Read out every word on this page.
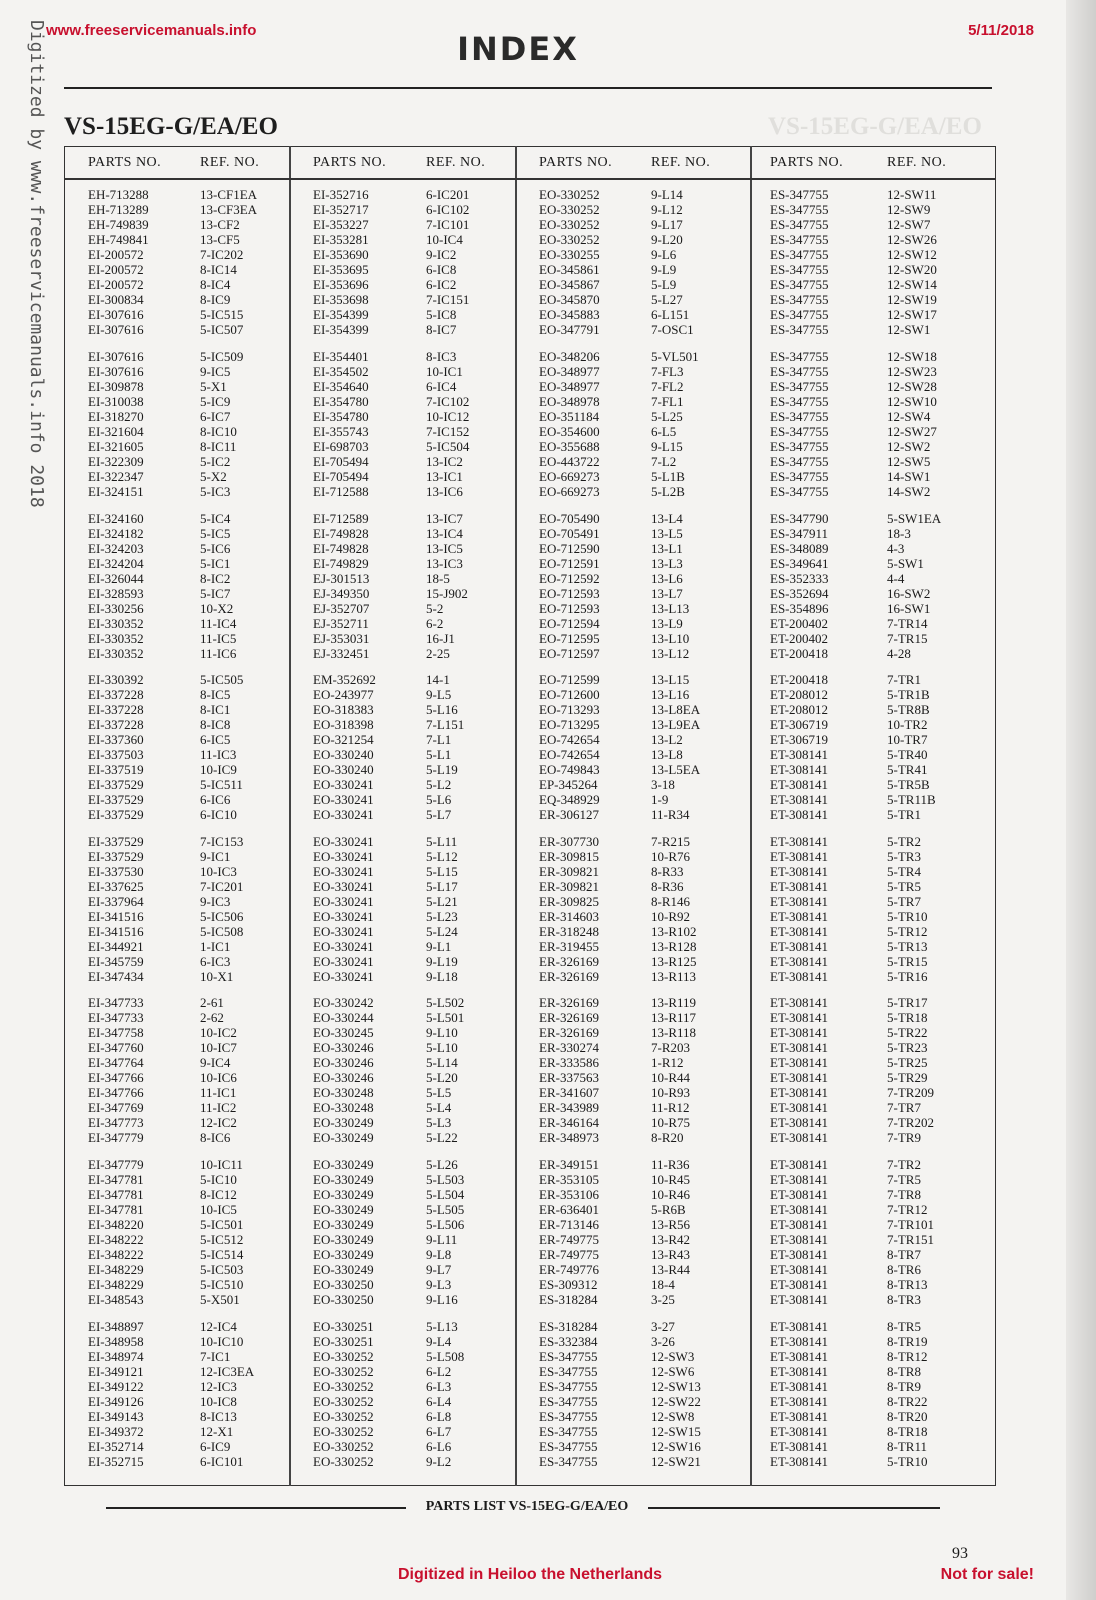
www.freeservicemanuals.info	5/11/2018
INDEX
Digitized by www.freeservicemanuals.info 2018 VS-15EG-G/EA/EO	VS-15EG-G/EA/EO
PARTS NO.	REF. NO.	PARTS NO.	REF. NO.	PARTS NO.	REF. NO.	PARTS NO.	REF. NO.
EH-713288	13-CF1EA
EH-713289	13-CF3EA
EH-749839	13-CF2
EH-749841	13-CF5
EI-200572	7-IC202
EI-200572	8-IC14
EI-200572	8-IC4
EI-300834	8-IC9
EI-307616	5-IC515
EI-307616	5-IC507
EI-307616	5-IC509
EI-307616	9-IC5
EI-309878	5-X1
EI-310038	5-IC9
EI-318270	6-IC7
EI-321604	8-IC10
EI-321605	8-IC11
EI-322309	5-IC2
EI-322347	5-X2
EI-324151	5-IC3
EI-324160	5-IC4
EI-324182	5-IC5
EI-324203	5-IC6
EI-324204	5-IC1
EI-326044	8-IC2
EI-328593	5-IC7
EI-330256	10-X2
EI-330352	11-IC4
EI-330352	11-IC5
EI-330352	11-IC6
EI-330392	5-IC505
EI-337228	8-IC5
EI-337228	8-IC1
EI-337228	8-IC8
EI-337360	6-IC5
EI-337503	11-IC3
EI-337519	10-IC9
EI-337529	5-IC511
EI-337529	6-IC6
EI-337529	6-IC10
EI-337529	7-IC153
EI-337529	9-IC1
EI-337530	10-IC3
EI-337625	7-IC201
EI-337964	9-IC3
EI-341516	5-IC506
EI-341516	5-IC508
EI-344921	1-IC1
EI-345759	6-IC3
EI-347434	10-X1
EI-347733	2-61
EI-347733	2-62
EI-347758	10-IC2
EI-347760	10-IC7
EI-347764	9-IC4
EI-347766	10-IC6
EI-347766	11-IC1
EI-347769	11-IC2
EI-347773	12-IC2
EI-347779	8-IC6
EI-347779	10-IC11
EI-347781	5-IC10
EI-347781	8-IC12
EI-347781	10-IC5
EI-348220	5-IC501
EI-348222	5-IC512
EI-348222	5-IC514
EI-348229	5-IC503
EI-348229	5-IC510
EI-348543	5-X501
EI-348897	12-IC4
EI-348958	10-IC10
EI-348974	7-IC1
EI-349121	12-IC3EA
EI-349122	12-IC3
EI-349126	10-IC8
EI-349143	8-IC13
EI-349372	12-X1
EI-352714	6-IC9
EI-352715	6-IC101
EI-352716	6-IC201
EI-352717	6-IC102
EI-353227	7-IC101
EI-353281	10-IC4
EI-353690	9-IC2
EI-353695	6-IC8
EI-353696	6-IC2
EI-353698	7-IC151
EI-354399	5-IC8
EI-354399	8-IC7
EI-354401	8-IC3
EI-354502	10-IC1
EI-354640	6-IC4
EI-354780	7-IC102
EI-354780	10-IC12
EI-355743	7-IC152
EI-698703	5-IC504
EI-705494	13-IC2
EI-705494	13-IC1
EI-712588	13-IC6
EI-712589	13-IC7
EI-749828	13-IC4
EI-749828	13-IC5
EI-749829	13-IC3
EJ-301513	18-5
EJ-349350	15-J902
EJ-352707	5-2
EJ-352711	6-2
EJ-353031	16-J1
EJ-332451	2-25
EM-352692	14-1
EO-243977	9-L5
EO-318383	5-L16
EO-318398	7-L151
EO-321254	7-L1
EO-330240	5-L1
EO-330240	5-L19
EO-330241	5-L2
EO-330241	5-L6
EO-330241	5-L7
EO-330241	5-L11
EO-330241	5-L12
EO-330241	5-L15
EO-330241	5-L17
EO-330241	5-L21
EO-330241	5-L23
EO-330241	5-L24
EO-330241	9-L1
EO-330241	9-L19
EO-330241	9-L18
EO-330242	5-L502
EO-330244	5-L501
EO-330245	9-L10
EO-330246	5-L10
EO-330246	5-L14
EO-330246	5-L20
EO-330248	5-L5
EO-330248	5-L4
EO-330249	5-L3
EO-330249	5-L22
EO-330249	5-L26
EO-330249	5-L503
EO-330249	5-L504
EO-330249	5-L505
EO-330249	5-L506
EO-330249	9-L11
EO-330249	9-L8
EO-330249	9-L7
EO-330250	9-L3
EO-330250	9-L16
EO-330251	5-L13
EO-330251	9-L4
EO-330252	5-L508
EO-330252	6-L2
EO-330252	6-L3
EO-330252	6-L4
EO-330252	6-L8
EO-330252	6-L7
EO-330252	6-L6
EO-330252	9-L2
EO-330252	9-L14
EO-330252	9-L12
EO-330252	9-L17
EO-330252	9-L20
EO-330255	9-L6
EO-345861	9-L9
EO-345867	5-L9
EO-345870	5-L27
EO-345883	6-L151
EO-347791	7-OSC1
EO-348206	5-VL501
EO-348977	7-FL3
EO-348977	7-FL2
EO-348978	7-FL1
EO-351184	5-L25
EO-354600	6-L5
EO-355688	9-L15
EO-443722	7-L2
EO-669273	5-L1B
EO-669273	5-L2B
EO-705490	13-L4
EO-705491	13-L5
EO-712590	13-L1
EO-712591	13-L3
EO-712592	13-L6
EO-712593	13-L7
EO-712593	13-L13
EO-712594	13-L9
EO-712595	13-L10
EO-712597	13-L12
EO-712599	13-L15
EO-712600	13-L16
EO-713293	13-L8EA
EO-713295	13-L9EA
EO-742654	13-L2
EO-742654	13-L8
EO-749843	13-L5EA
EP-345264	3-18
EQ-348929	1-9
ER-306127	11-R34
ER-307730	7-R215
ER-309815	10-R76
ER-309821	8-R33
ER-309821	8-R36
ER-309825	8-R146
ER-314603	10-R92
ER-318248	13-R102
ER-319455	13-R128
ER-326169	13-R125
ER-326169	13-R113
ER-326169	13-R119
ER-326169	13-R117
ER-326169	13-R118
ER-330274	7-R203
ER-333586	1-R12
ER-337563	10-R44
ER-341607	10-R93
ER-343989	11-R12
ER-346164	10-R75
ER-348973	8-R20
ER-349151	11-R36
ER-353105	10-R45
ER-353106	10-R46
ER-636401	5-R6B
ER-713146	13-R56
ER-749775	13-R42
ER-749775	13-R43
ER-749776	13-R44
ES-309312	18-4
ES-318284	3-25
ES-318284	3-27
ES-332384	3-26
ES-347755	12-SW3
ES-347755	12-SW6
ES-347755	12-SW13
ES-347755	12-SW22
ES-347755	12-SW8
ES-347755	12-SW15
ES-347755	12-SW16
ES-347755	12-SW21
ES-347755	12-SW11
ES-347755	12-SW9
ES-347755	12-SW7
ES-347755	12-SW26
ES-347755	12-SW12
ES-347755	12-SW20
ES-347755	12-SW14
ES-347755	12-SW19
ES-347755	12-SW17
ES-347755	12-SW1
ES-347755	12-SW18
ES-347755	12-SW23
ES-347755	12-SW28
ES-347755	12-SW10
ES-347755	12-SW4
ES-347755	12-SW27
ES-347755	12-SW2
ES-347755	12-SW5
ES-347755	14-SW1
ES-347755	14-SW2
ES-347790	5-SW1EA
ES-347911	18-3
ES-348089	4-3
ES-349641	5-SW1
ES-352333	4-4
ES-352694	16-SW2
ES-354896	16-SW1
ET-200402	7-TR14
ET-200402	7-TR15
ET-200418	4-28
ET-200418	7-TR1
ET-208012	5-TR1B
ET-208012	5-TR8B
ET-306719	10-TR2
ET-306719	10-TR7
ET-308141	5-TR40
ET-308141	5-TR41
ET-308141	5-TR5B
ET-308141	5-TR11B
ET-308141	5-TR1
ET-308141	5-TR2
ET-308141	5-TR3
ET-308141	5-TR4
ET-308141	5-TR5
ET-308141	5-TR7
ET-308141	5-TR10
ET-308141	5-TR12
ET-308141	5-TR13
ET-308141	5-TR15
ET-308141	5-TR16
ET-308141	5-TR17
ET-308141	5-TR18
ET-308141	5-TR22
ET-308141	5-TR23
ET-308141	5-TR25
ET-308141	5-TR29
ET-308141	7-TR209
ET-308141	7-TR7
ET-308141	7-TR202
ET-308141	7-TR9
ET-308141	7-TR2
ET-308141	7-TR5
ET-308141	7-TR8
ET-308141	7-TR12
ET-308141	7-TR101
ET-308141	7-TR151
ET-308141	8-TR7
ET-308141	8-TR6
ET-308141	8-TR13
ET-308141	8-TR3
ET-308141	8-TR5
ET-308141	8-TR19
ET-308141	8-TR12
ET-308141	8-TR8
ET-308141	8-TR9
ET-308141	8-TR22
ET-308141	8-TR20
ET-308141	8-TR18
ET-308141	8-TR11
ET-308141	5-TR10
PARTS LIST VS-15EG-G/EA/EO
93
Digitized in Heiloo the Netherlands	Not for sale!
